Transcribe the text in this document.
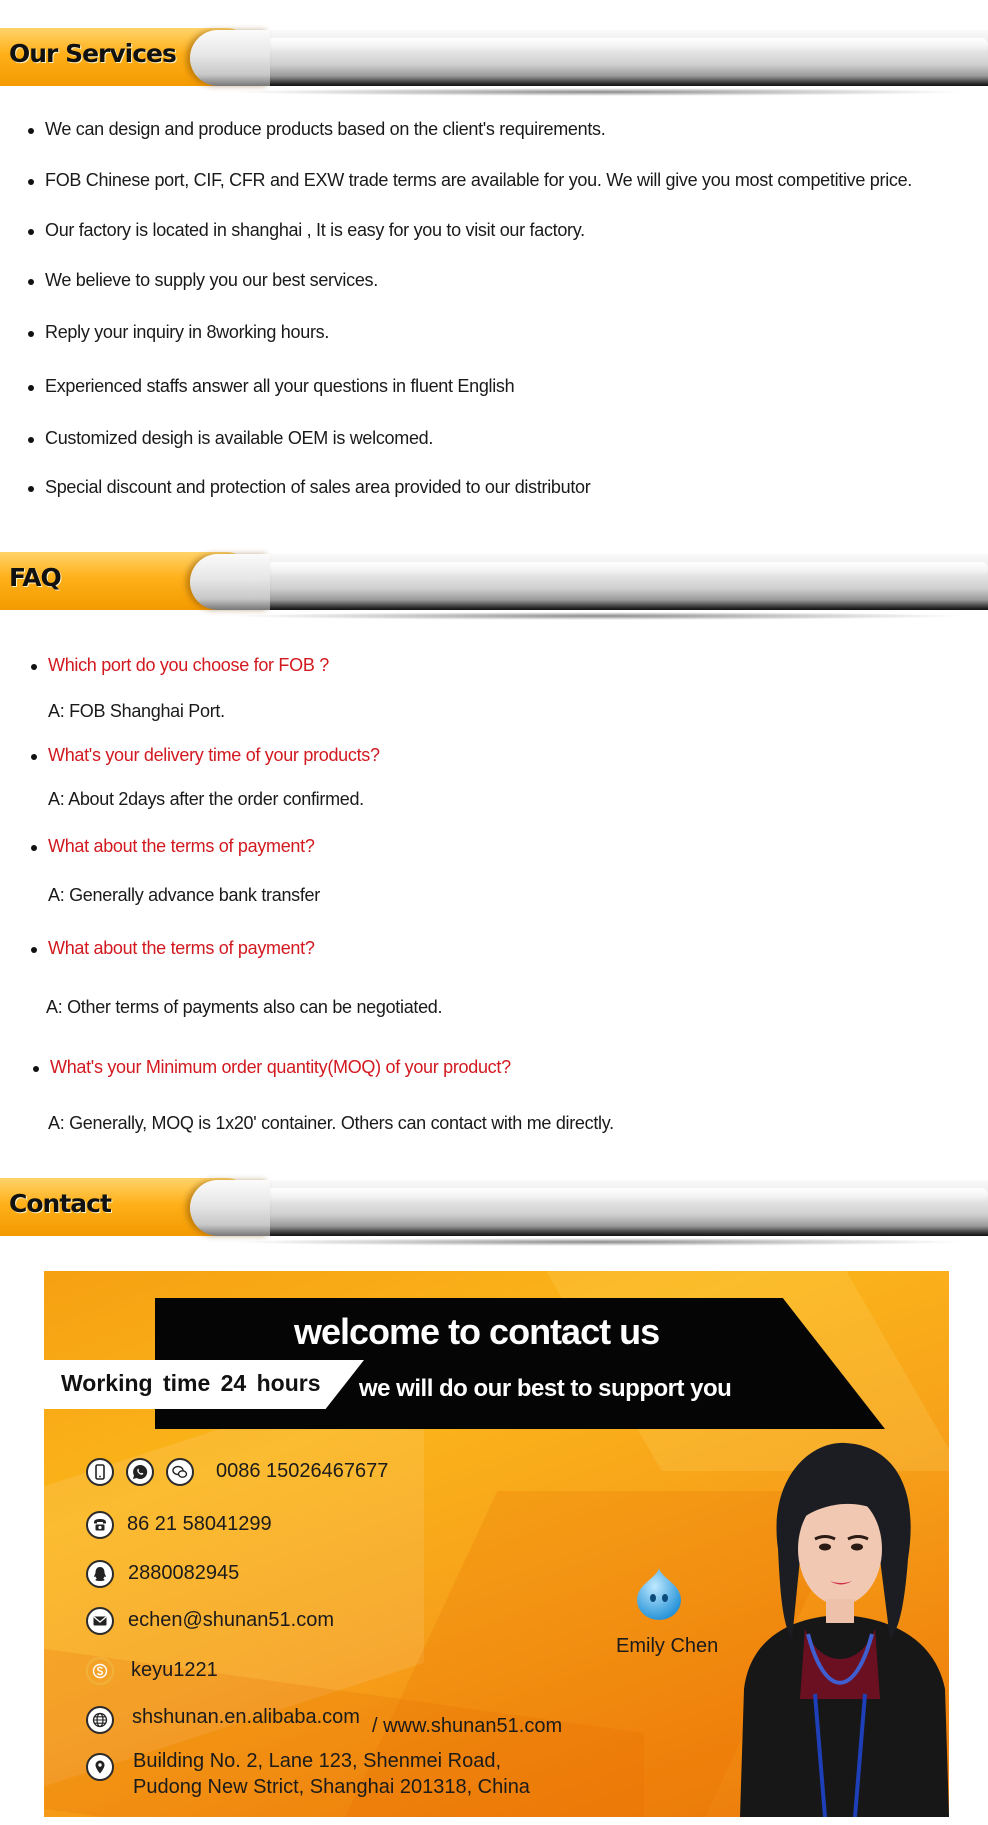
Our Services
We can design and produce products based on the client's requirements.
FOB Chinese port, CIF, CFR and EXW trade terms are available for you. We will give you most competitive price.
Our factory is located in shanghai , It is easy for you to visit our factory.
We believe to supply you our best services.
Reply your inquiry in 8working hours.
Experienced staffs answer all your questions in fluent English
Customized desigh is available OEM is welcomed.
Special discount and protection of sales area provided to our distributor
FAQ
Which port do you choose for FOB ?
A: FOB Shanghai Port.
What's your delivery time of your products?
A: About 2days after the order confirmed.
What about the terms of payment?
A: Generally advance bank transfer
What about the terms of payment?
A: Other terms of payments also can be negotiated.
What's your Minimum order quantity(MOQ) of your product?
A: Generally, MOQ is 1x20' container. Others can contact with me directly.
Contact
welcome to contact us
Working time 24 hours we will do our best to support you
0086 15026467677
86 21 58041299
2880082945
echen@shunan51.com
keyu1221
shshunan.en.alibaba.com / www.shunan51.com
Building No. 2, Lane 123, Shenmei Road,
Pudong New Strict, Shanghai 201318, China
Emily Chen
